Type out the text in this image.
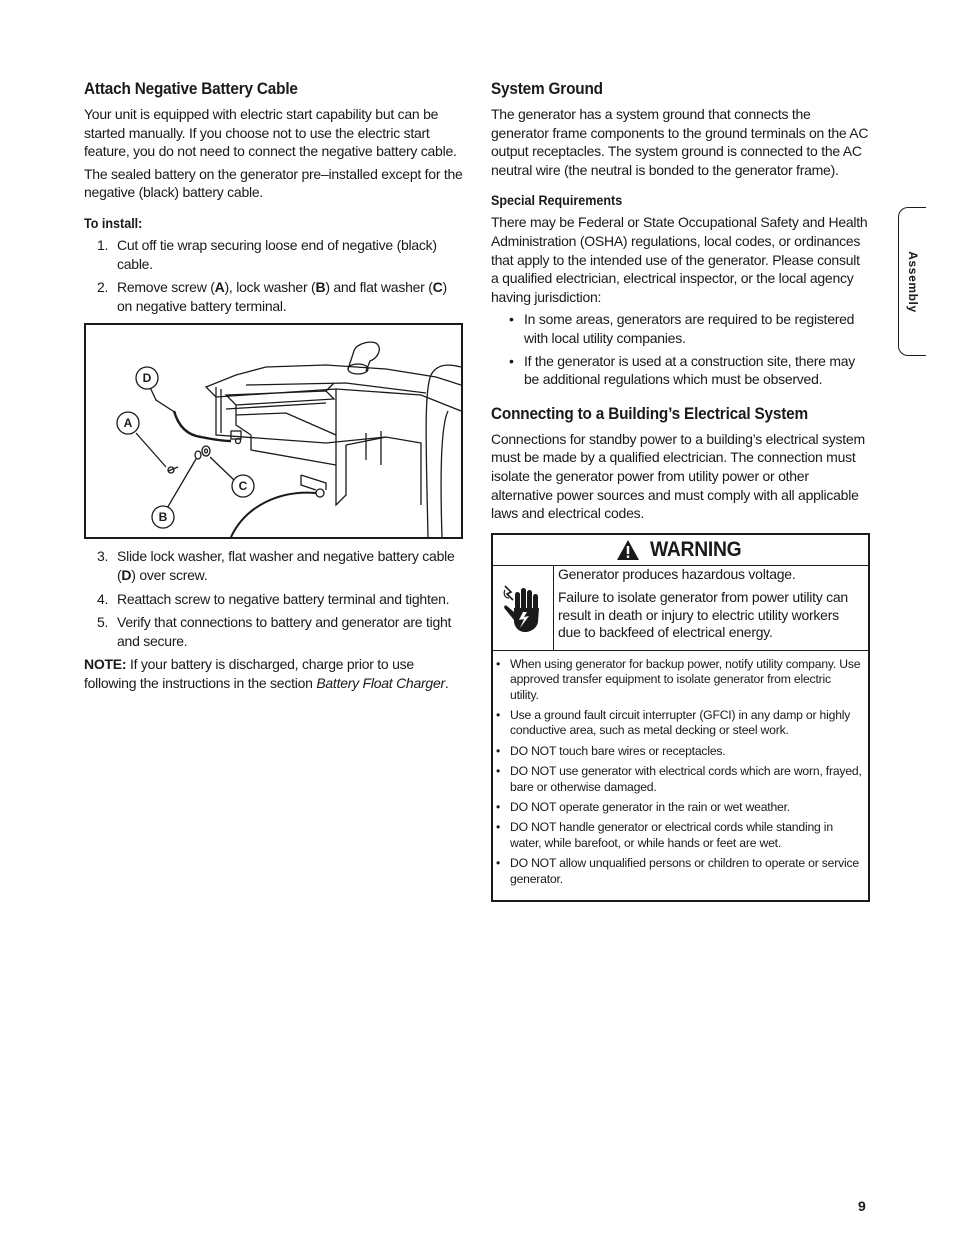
Attach Negative Battery Cable

Your unit is equipped with electric start capability but can be started manually. If you choose not to use the electric start feature, you do not need to connect the negative battery cable.

The sealed battery on the generator pre–installed except for the negative (black) battery cable.

To install:
1. Cut off tie wrap securing loose end of negative (black) cable.
2. Remove screw (A), lock washer (B) and flat washer (C) on negative battery terminal.
D
A
C
B
3. Slide lock washer, flat washer and negative battery cable (D) over screw.
4. Reattach screw to negative battery terminal and tighten.
5. Verify that connections to battery and generator are tight and secure.

NOTE: If your battery is discharged, charge prior to use following the instructions in the section Battery Float Charger.

System Ground

The generator has a system ground that connects the generator frame components to the ground terminals on the AC output receptacles. The system ground is connected to the AC neutral wire (the neutral is bonded to the generator frame).

Special Requirements

There may be Federal or State Occupational Safety and Health Administration (OSHA) regulations, local codes, or ordinances that apply to the intended use of the generator. Please consult a qualified electrician, electrical inspector, or the local agency having jurisdiction:

• In some areas, generators are required to be registered with local utility companies.
• If the generator is used at a construction site, there may be additional regulations which must be observed.
Connecting to a Building’s Electrical System

Connections for standby power to a building’s electrical system must be made by a qualified electrician. The connection must isolate the generator power from utility power or other alternative power sources and must comply with all applicable laws and electrical codes.

WARNING

Generator produces hazardous voltage.

Failure to isolate generator from power utility can result in death or injury to electric utility workers due to backfeed of electrical energy.

• When using generator for backup power, notify utility company. Use approved transfer equipment to isolate generator from electric utility.
• Use a ground fault circuit interrupter (GFCI) in any damp or highly conductive area, such as metal decking or steel work.
• DO NOT touch bare wires or receptacles.
• DO NOT use generator with electrical cords which are worn, frayed, bare or otherwise damaged.
• DO NOT operate generator in the rain or wet weather.
• DO NOT handle generator or electrical cords while standing in water, while barefoot, or while hands or feet are wet.
• DO NOT allow unqualified persons or children to operate or service generator.
Assembly
9
